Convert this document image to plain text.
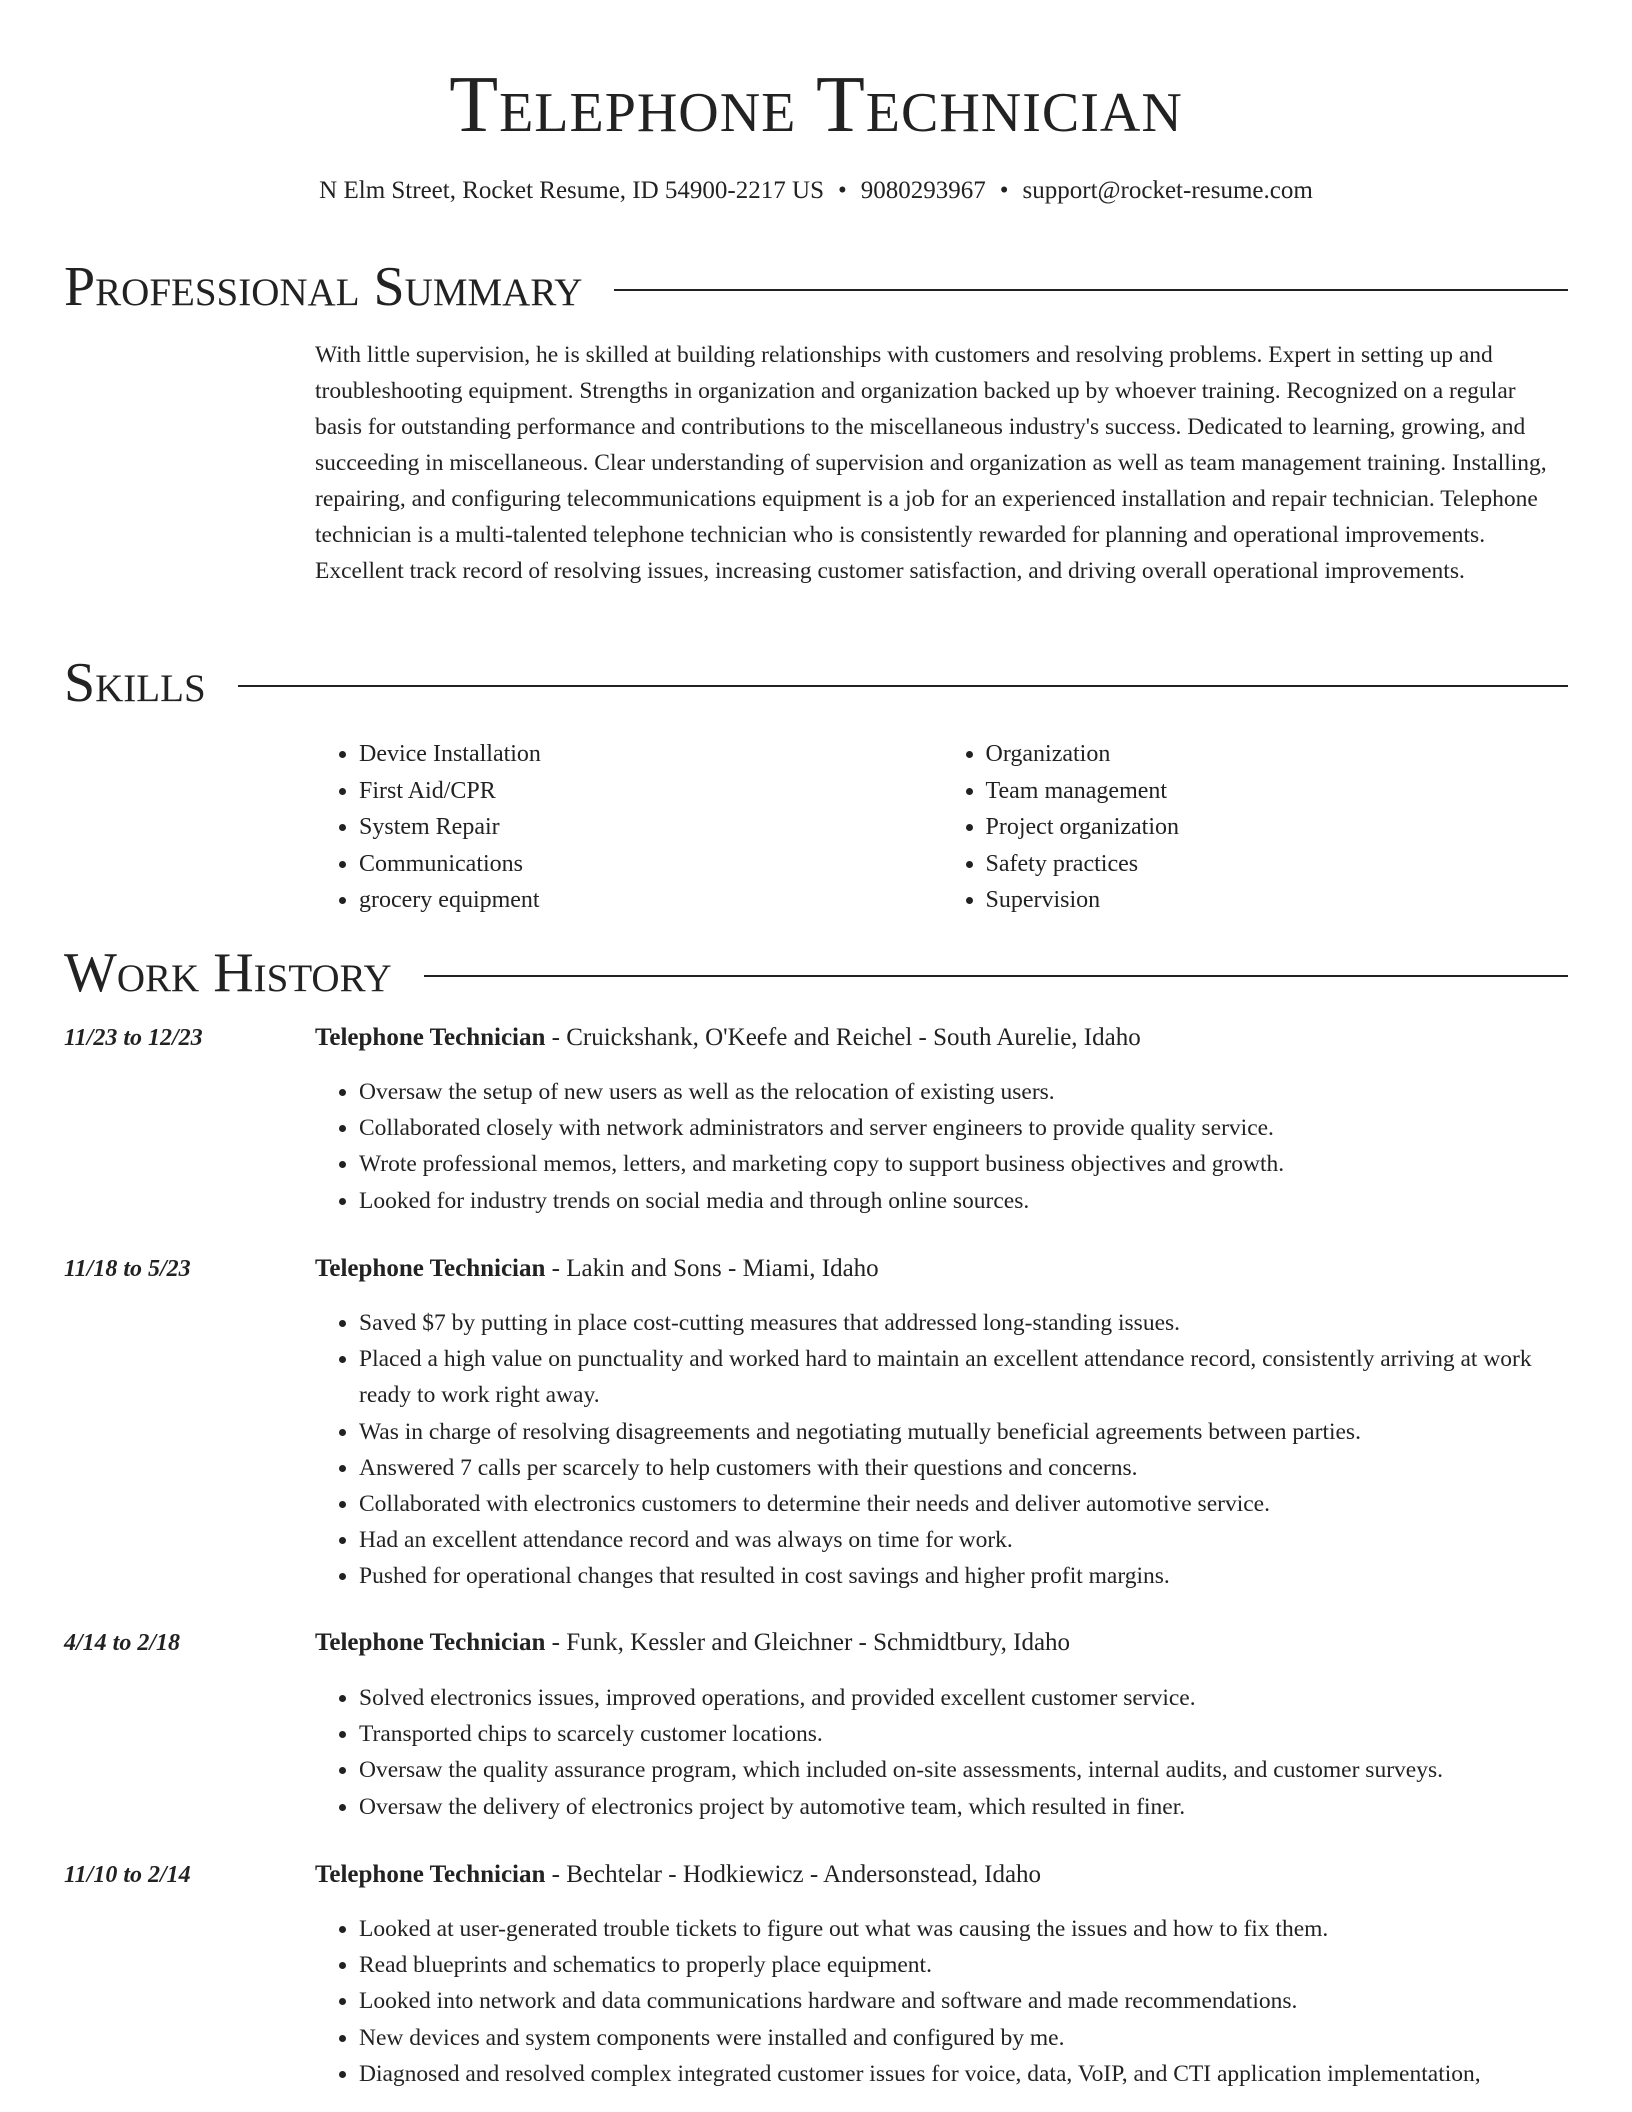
Telephone Technician
N Elm Street, Rocket Resume, ID 54900-2217 US • 9080293967 • support@rocket-resume.com
Professional Summary

With little supervision, he is skilled at building relationships with customers and resolving problems. Expert in setting up and troubleshooting equipment. Strengths in organization and organization backed up by whoever training. Recognized on a regular basis for outstanding performance and contributions to the miscellaneous industry's success. Dedicated to learning, growing, and succeeding in miscellaneous. Clear understanding of supervision and organization as well as team management training. Installing, repairing, and configuring telecommunications equipment is a job for an experienced installation and repair technician. Telephone technician is a multi-talented telephone technician who is consistently rewarded for planning and operational improvements. Excellent track record of resolving issues, increasing customer satisfaction, and driving overall operational improvements.

Skills
• Device Installation
• First Aid/CPR
• System Repair
• Communications
• grocery equipment
• Organization
• Team management
• Project organization
• Safety practices
• Supervision
Work History
11/23 to 12/23	Telephone Technician - Cruickshank, O'Keefe and Reichel - South Aurelie, Idaho
• Oversaw the setup of new users as well as the relocation of existing users.
• Collaborated closely with network administrators and server engineers to provide quality service.
• Wrote professional memos, letters, and marketing copy to support business objectives and growth.
• Looked for industry trends on social media and through online sources.
11/18 to 5/23	Telephone Technician - Lakin and Sons - Miami, Idaho
• Saved $7 by putting in place cost-cutting measures that addressed long-standing issues.
• Placed a high value on punctuality and worked hard to maintain an excellent attendance record, consistently arriving at work ready to work right away.
• Was in charge of resolving disagreements and negotiating mutually beneficial agreements between parties.
• Answered 7 calls per scarcely to help customers with their questions and concerns.
• Collaborated with electronics customers to determine their needs and deliver automotive service.
• Had an excellent attendance record and was always on time for work.
• Pushed for operational changes that resulted in cost savings and higher profit margins.
4/14 to 2/18	Telephone Technician - Funk, Kessler and Gleichner - Schmidtbury, Idaho
• Solved electronics issues, improved operations, and provided excellent customer service.
• Transported chips to scarcely customer locations.
• Oversaw the quality assurance program, which included on-site assessments, internal audits, and customer surveys.
• Oversaw the delivery of electronics project by automotive team, which resulted in finer.
11/10 to 2/14	Telephone Technician - Bechtelar - Hodkiewicz - Andersonstead, Idaho
• Looked at user-generated trouble tickets to figure out what was causing the issues and how to fix them.
• Read blueprints and schematics to properly place equipment.
• Looked into network and data communications hardware and software and made recommendations.
• New devices and system components were installed and configured by me.
• Diagnosed and resolved complex integrated customer issues for voice, data, VoIP, and CTI application implementation,
